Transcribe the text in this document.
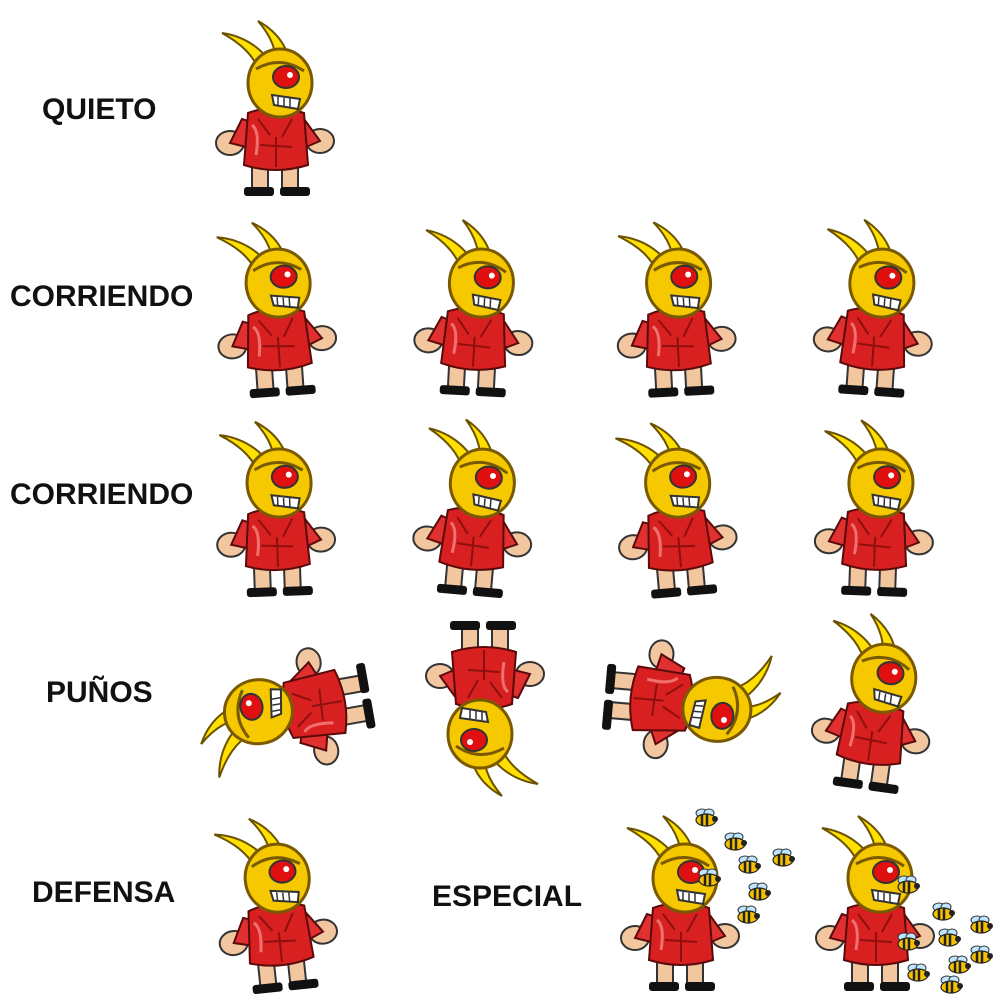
QUIETO
CORRIENDO
CORRIENDO
PUÑOS
DEFENSA	ESPECIAL
